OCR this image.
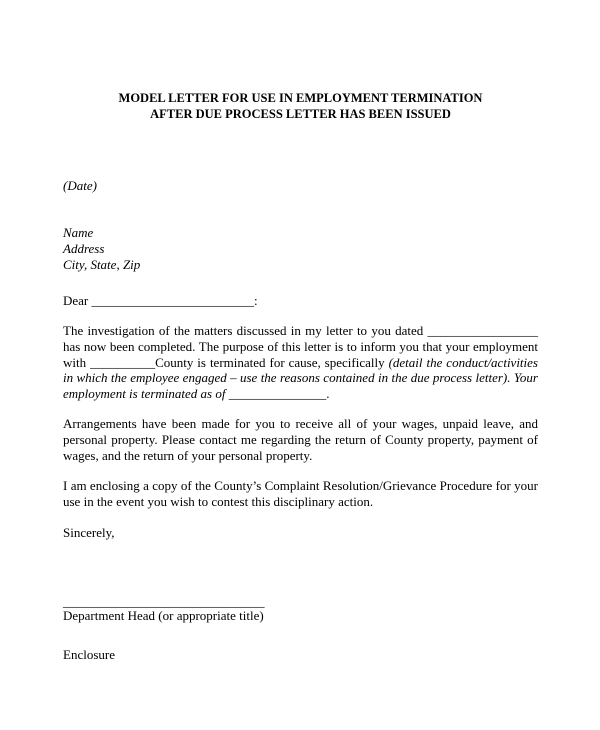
MODEL LETTER FOR USE IN EMPLOYMENT TERMINATION
AFTER DUE PROCESS LETTER HAS BEEN ISSUED
(Date)
Name
Address
City, State, Zip
Dear _________________________:
The investigation of the matters discussed in my letter to you dated _________________ has now been completed. The purpose of this letter is to inform you that your employment with __________County is terminated for cause, specifically (detail the conduct/activities in which the employee engaged – use the reasons contained in the due process letter). Your employment is terminated as of _______________.
Arrangements have been made for you to receive all of your wages, unpaid leave, and personal property. Please contact me regarding the return of County property, payment of wages, and the return of your personal property.
I am enclosing a copy of the County’s Complaint Resolution/Grievance Procedure for your use in the event you wish to contest this disciplinary action.
Sincerely,
_______________________________
Department Head (or appropriate title)
Enclosure
